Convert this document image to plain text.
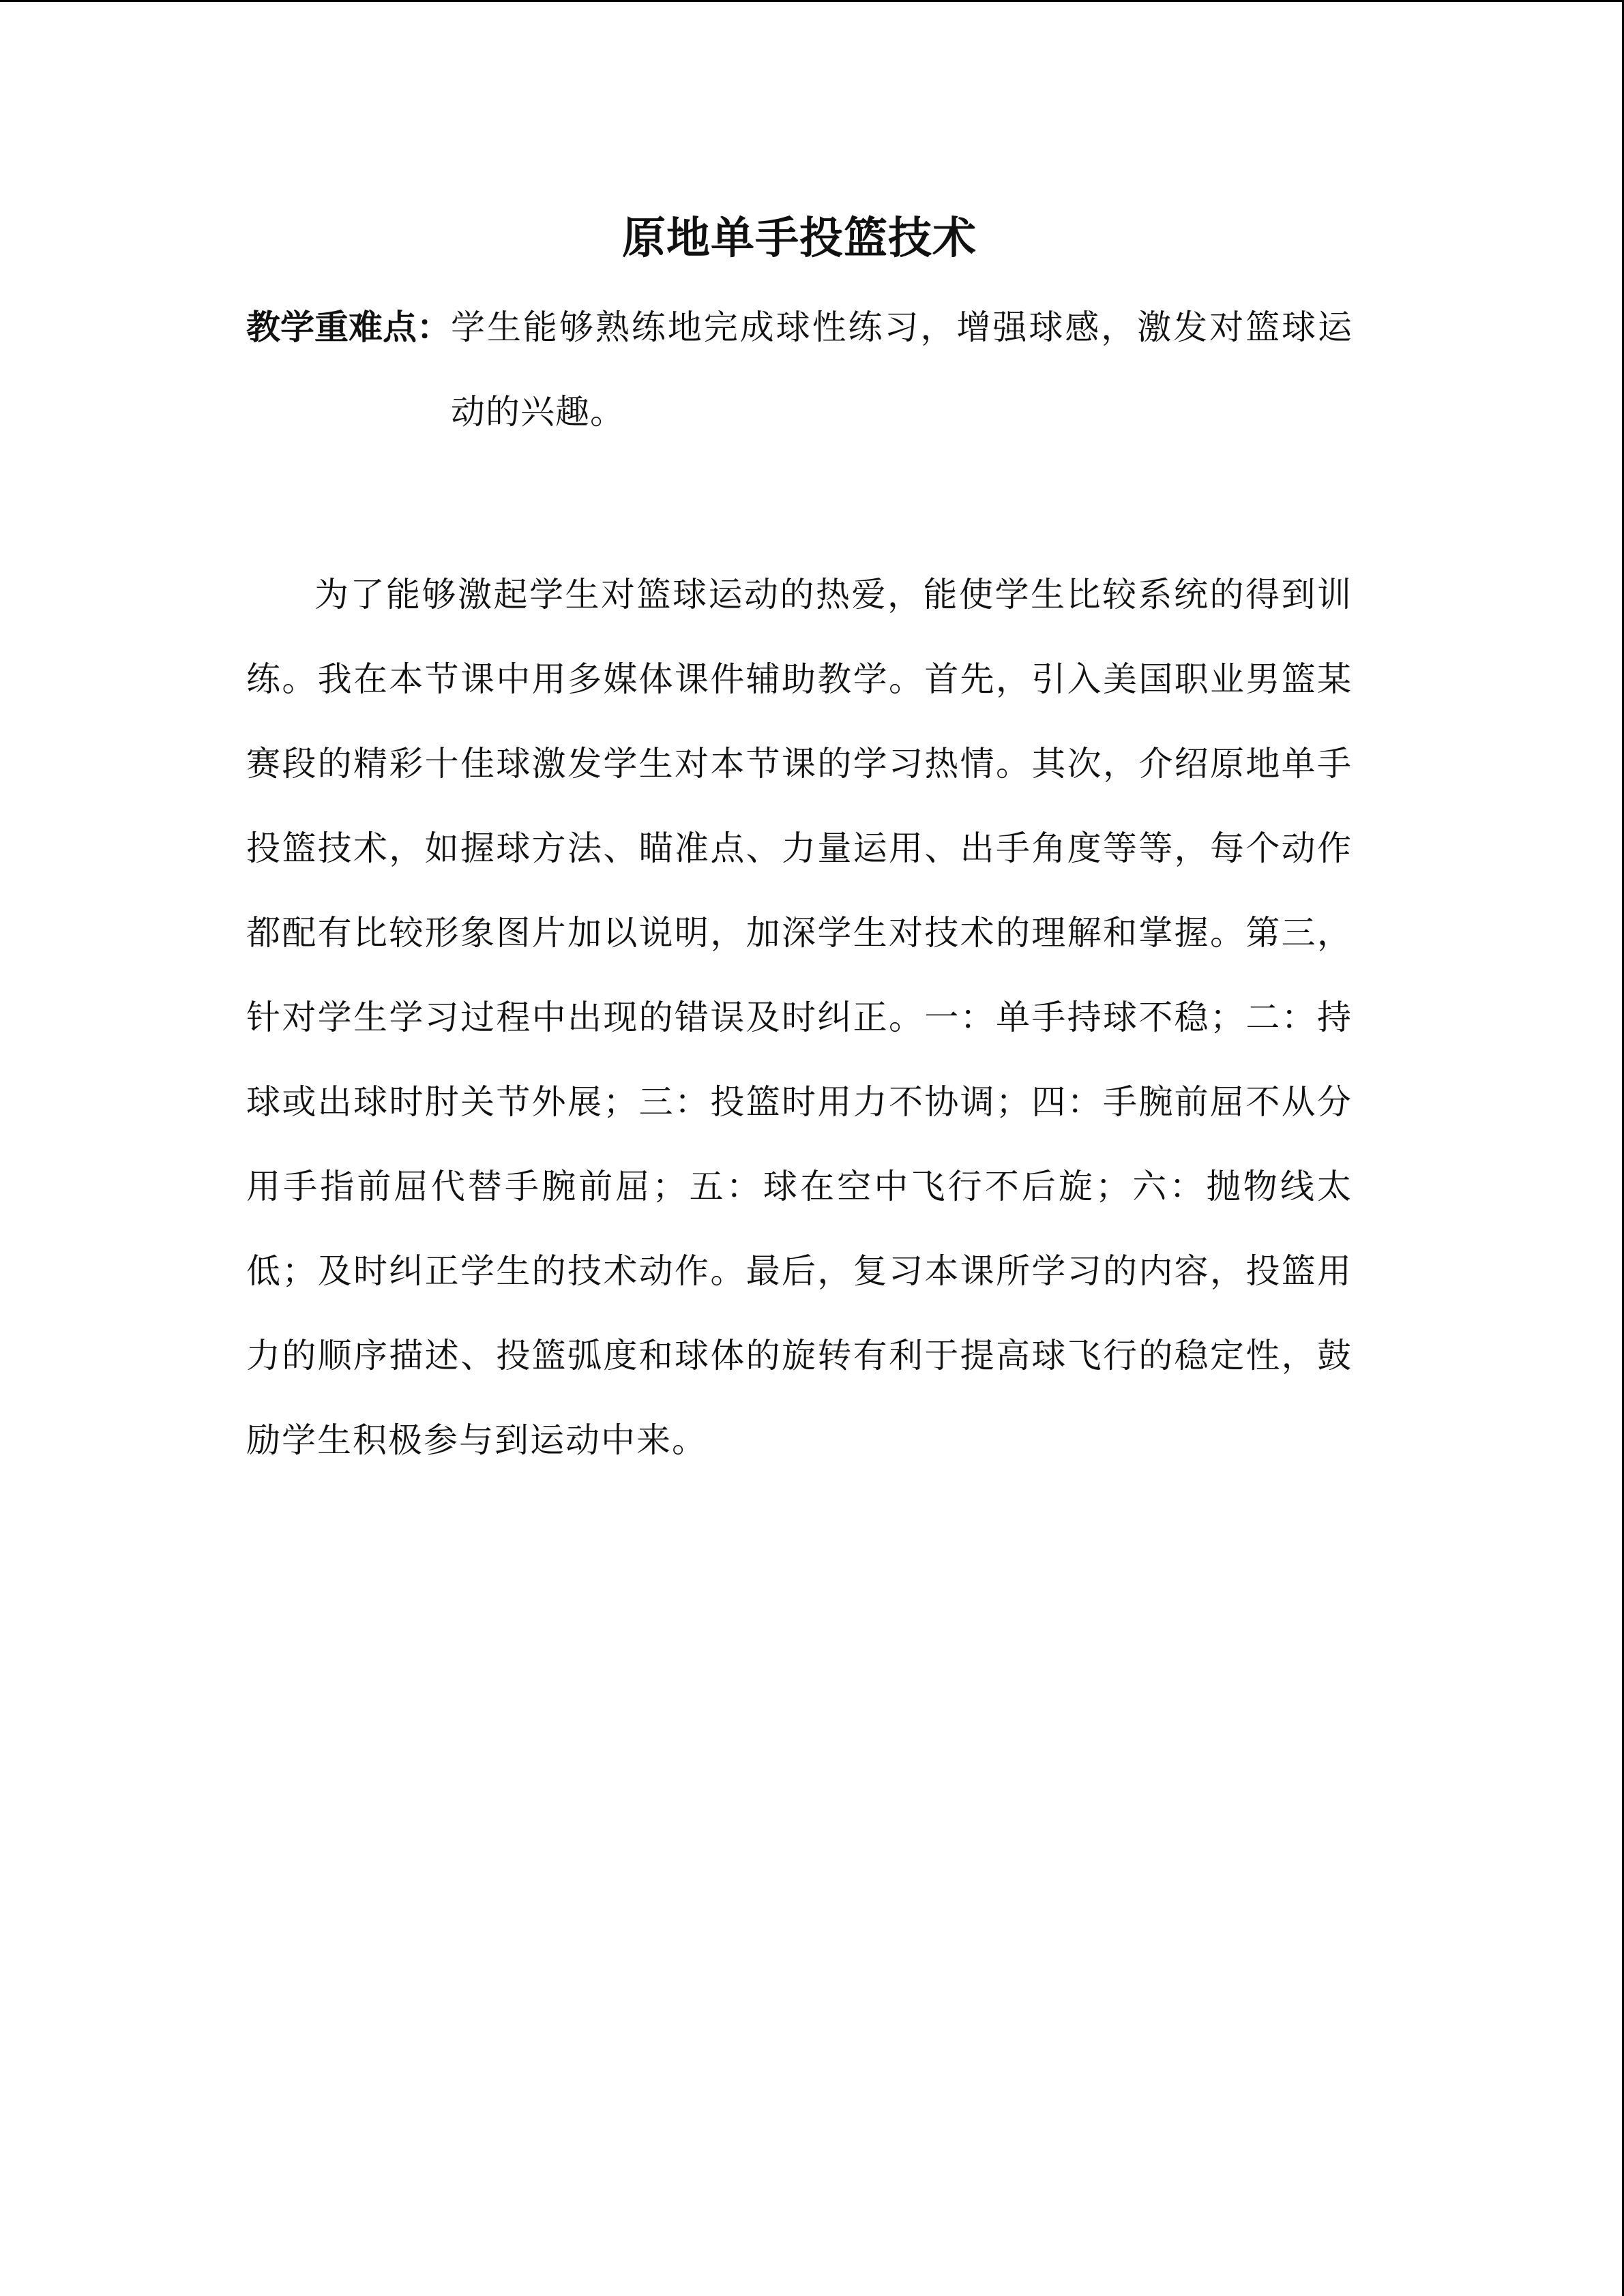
原地单手投篮技术
教学重难点： 学生能够熟练地完成球性练习，增强球感，激发对篮球运动的兴趣。

为了能够激起学生对篮球运动的热爱，能使学生比较系统的得到训练。我在本节课中用多媒体课件辅助教学。首先，引入美国职业男篮某赛段的精彩十佳球激发学生对本节课的学习热情。其次，介绍原地单手投篮技术，如握球方法、瞄准点、力量运用、出手角度等等，每个动作都配有比较形象图片加以说明，加深学生对技术的理解和掌握。第三，针对学生学习过程中出现的错误及时纠正。一：单手持球不稳；二：持球或出球时肘关节外展；三：投篮时用力不协调；四：手腕前屈不从分用手指前屈代替手腕前屈；五：球在空中飞行不后旋；六：抛物线太低；及时纠正学生的技术动作。最后，复习本课所学习的内容，投篮用力的顺序描述、投篮弧度和球体的旋转有利于提高球飞行的稳定性，鼓励学生积极参与到运动中来。
